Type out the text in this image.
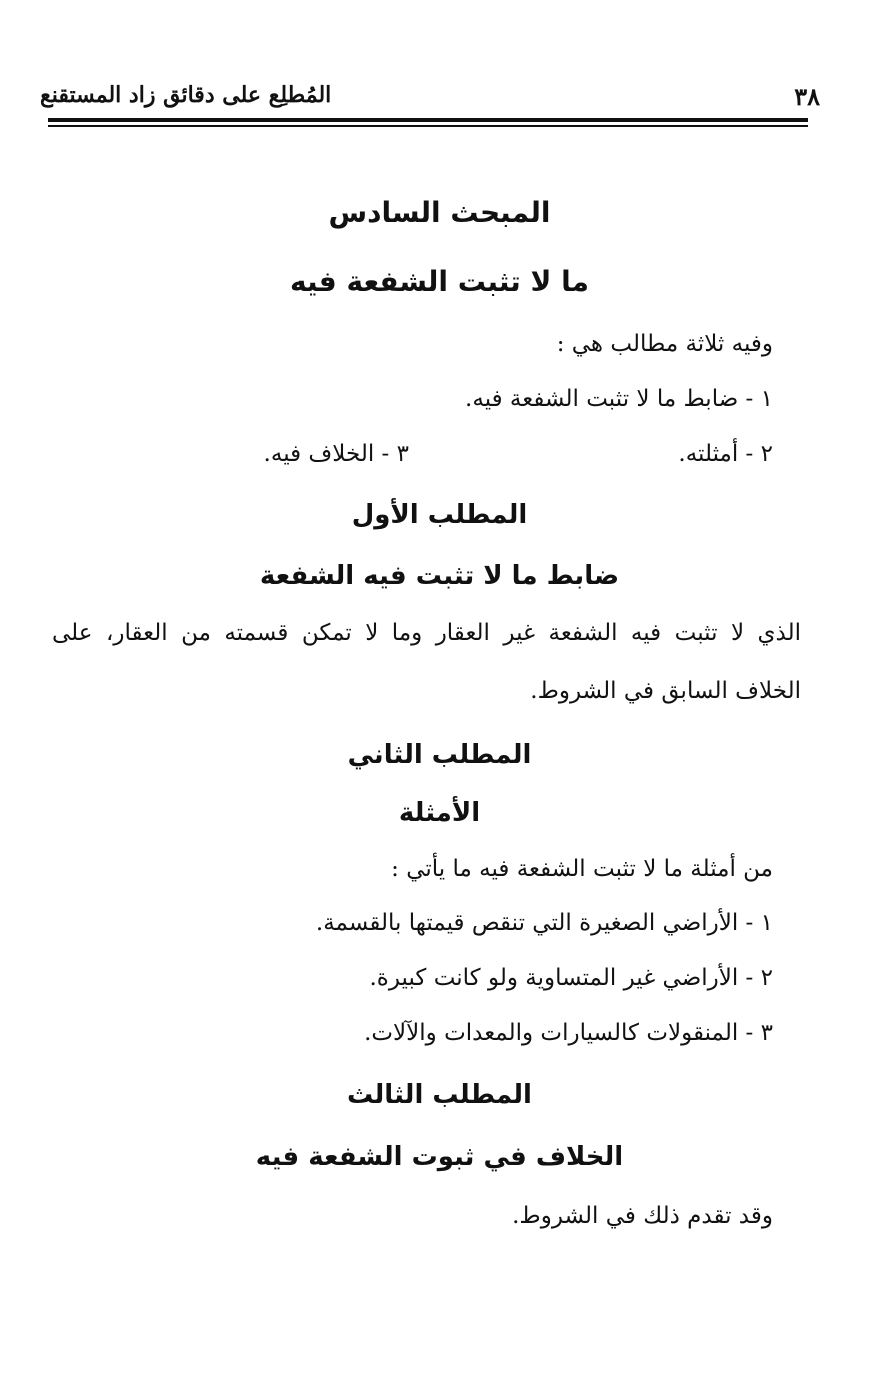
المُطلِع على دقائق زاد المستقنع	٣٨
المبحث السادس
ما لا تثبت الشفعة فيه
وفيه ثلاثة مطالب هي :
١ - ضابط ما لا تثبت الشفعة فيه.
٢ - أمثلته.
٣ - الخلاف فيه.
المطلب الأول
ضابط ما لا تثبت فيه الشفعة
الذي لا تثبت فيه الشفعة غير العقار وما لا تمكن قسمته من العقار، على
الخلاف السابق في الشروط.
المطلب الثاني
الأمثلة
من أمثلة ما لا تثبت الشفعة فيه ما يأتي :
١ - الأراضي الصغيرة التي تنقص قيمتها بالقسمة.
٢ - الأراضي غير المتساوية ولو كانت كبيرة.
٣ - المنقولات كالسيارات والمعدات والآلات.
المطلب الثالث
الخلاف في ثبوت الشفعة فيه
وقد تقدم ذلك في الشروط.
